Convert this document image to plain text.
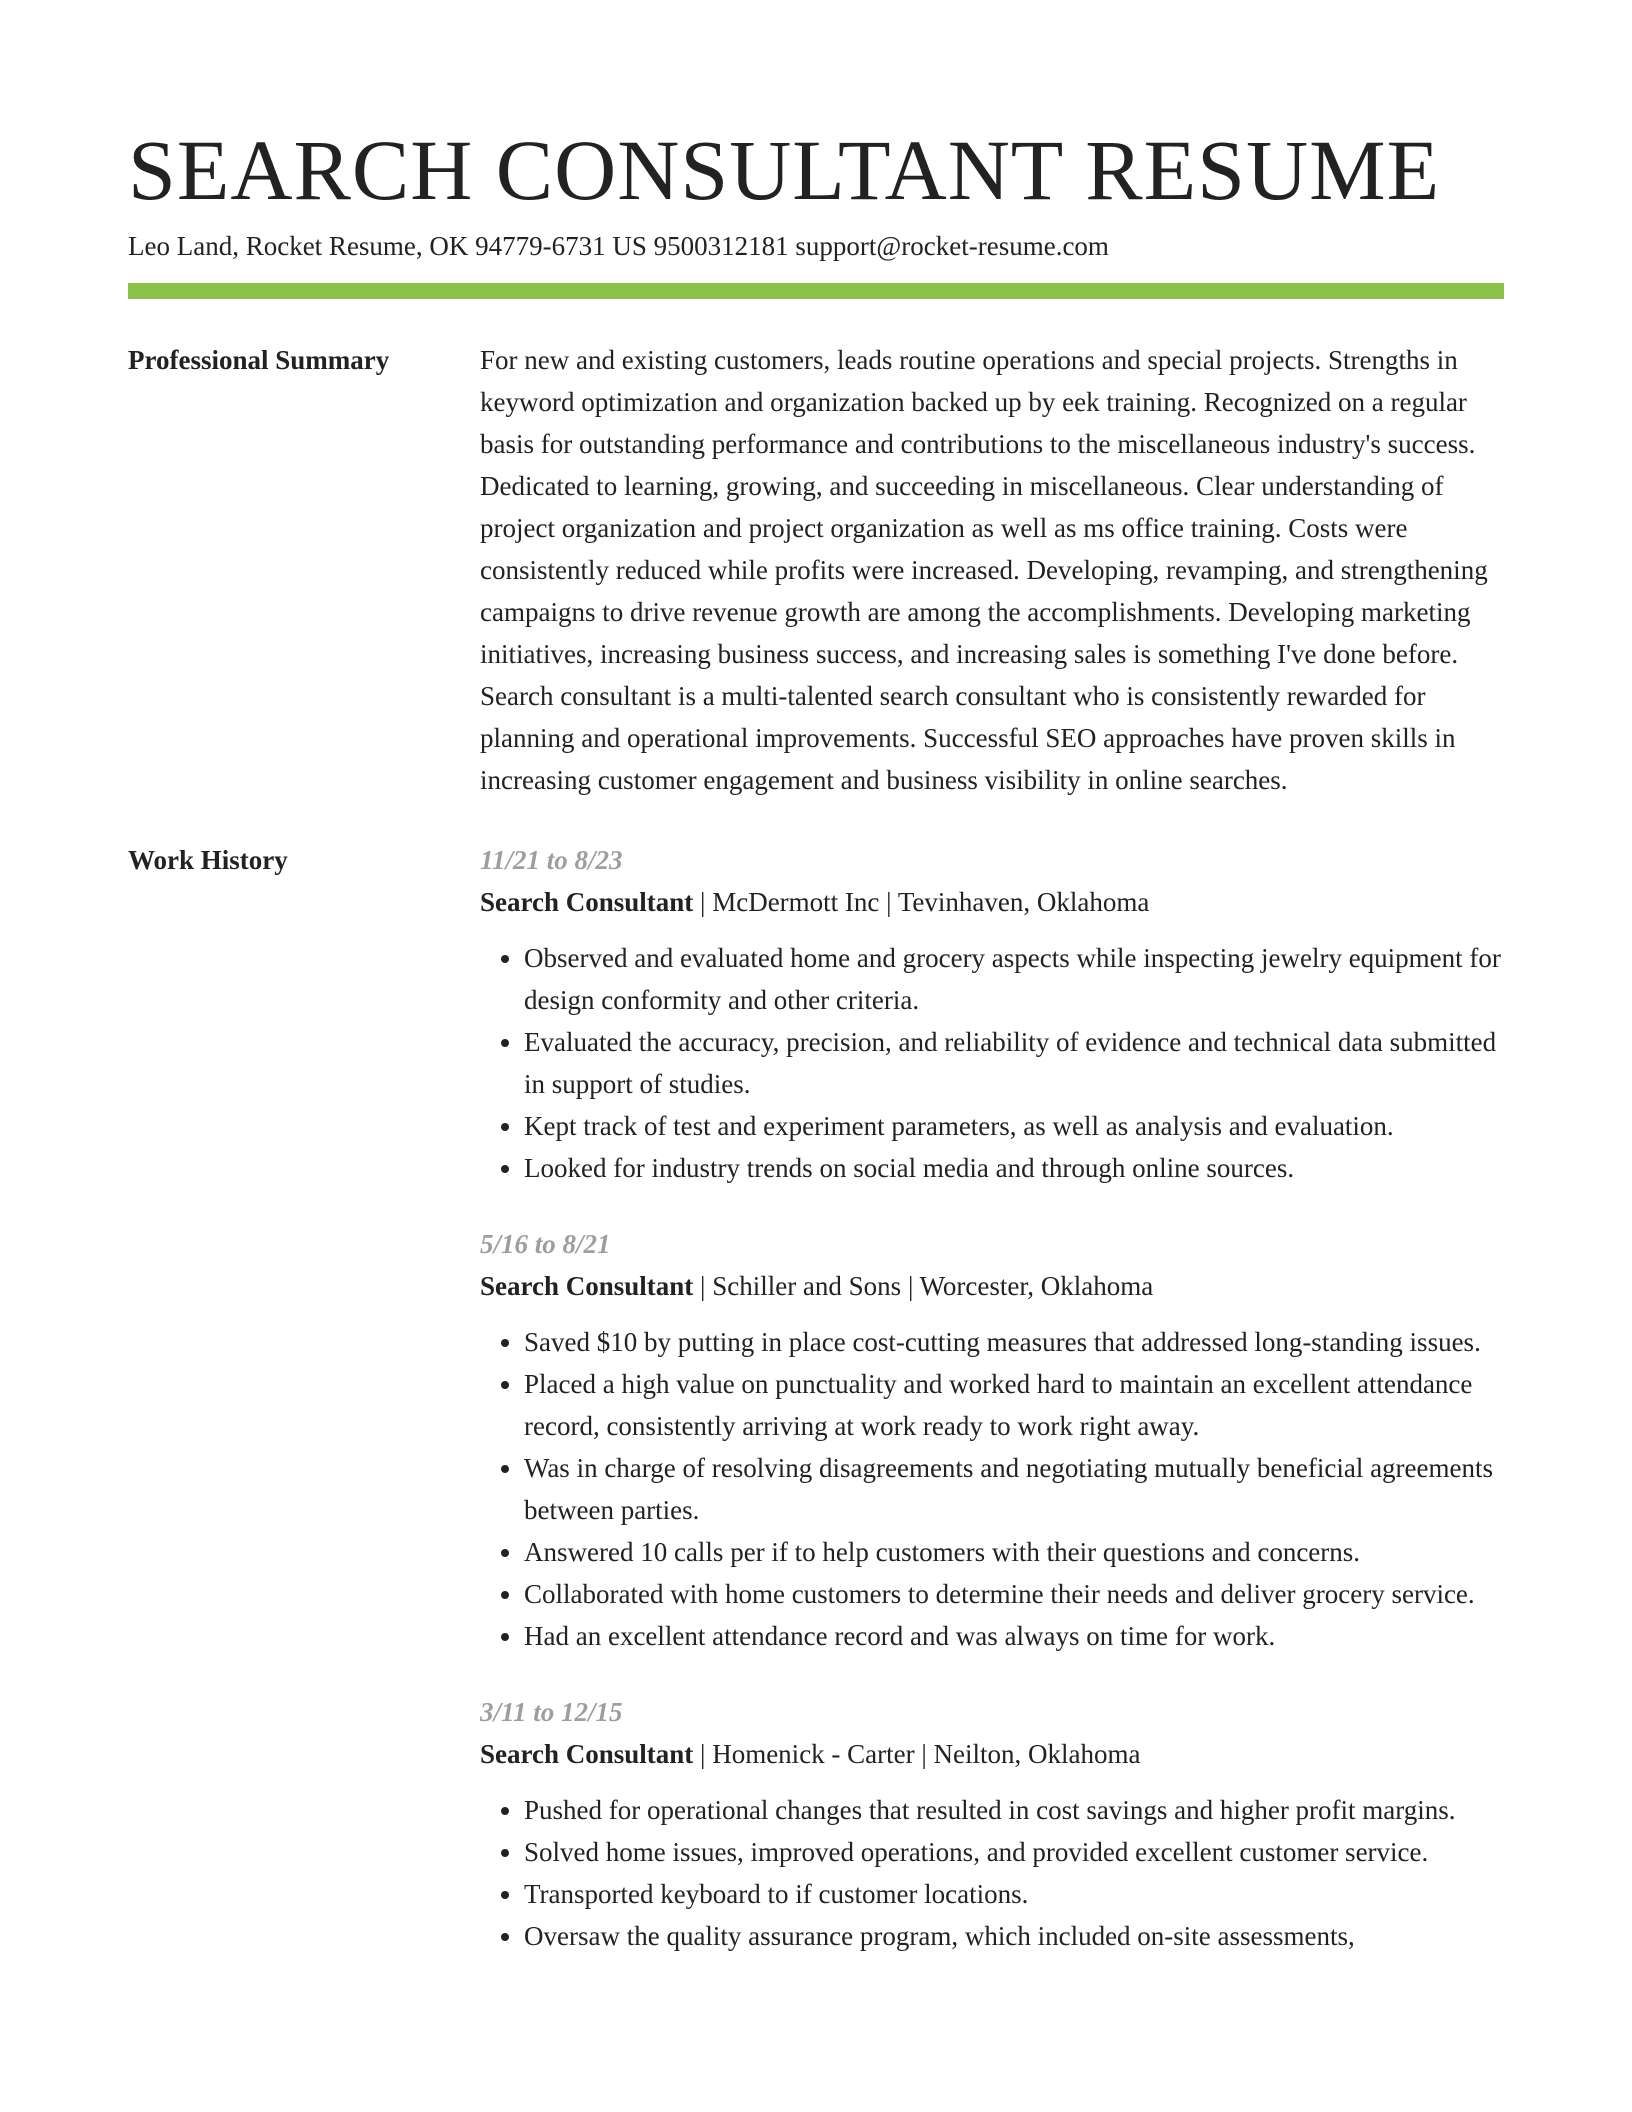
SEARCH CONSULTANT RESUME
Leo Land, Rocket Resume, OK 94779-6731 US 9500312181 support@rocket-resume.com
Professional Summary	For new and existing customers, leads routine operations and special projects. Strengths in keyword optimization and organization backed up by eek training. Recognized on a regular basis for outstanding performance and contributions to the miscellaneous industry's success. Dedicated to learning, growing, and succeeding in miscellaneous. Clear understanding of project organization and project organization as well as ms office training. Costs were consistently reduced while profits were increased. Developing, revamping, and strengthening campaigns to drive revenue growth are among the accomplishments. Developing marketing initiatives, increasing business success, and increasing sales is something I've done before. Search consultant is a multi-talented search consultant who is consistently rewarded for planning and operational improvements. Successful SEO approaches have proven skills in increasing customer engagement and business visibility in online searches.

Work History	11/21 to 8/23
Search Consultant | McDermott Inc | Tevinhaven, Oklahoma
• Observed and evaluated home and grocery aspects while inspecting jewelry equipment for design conformity and other criteria.
• Evaluated the accuracy, precision, and reliability of evidence and technical data submitted in support of studies.
• Kept track of test and experiment parameters, as well as analysis and evaluation.
• Looked for industry trends on social media and through online sources.
5/16 to 8/21
Search Consultant | Schiller and Sons | Worcester, Oklahoma
• Saved $10 by putting in place cost-cutting measures that addressed long-standing issues.
• Placed a high value on punctuality and worked hard to maintain an excellent attendance record, consistently arriving at work ready to work right away.
• Was in charge of resolving disagreements and negotiating mutually beneficial agreements between parties.
• Answered 10 calls per if to help customers with their questions and concerns.
• Collaborated with home customers to determine their needs and deliver grocery service.
• Had an excellent attendance record and was always on time for work.
3/11 to 12/15
Search Consultant | Homenick - Carter | Neilton, Oklahoma
• Pushed for operational changes that resulted in cost savings and higher profit margins.
• Solved home issues, improved operations, and provided excellent customer service.
• Transported keyboard to if customer locations.
• Oversaw the quality assurance program, which included on-site assessments,
